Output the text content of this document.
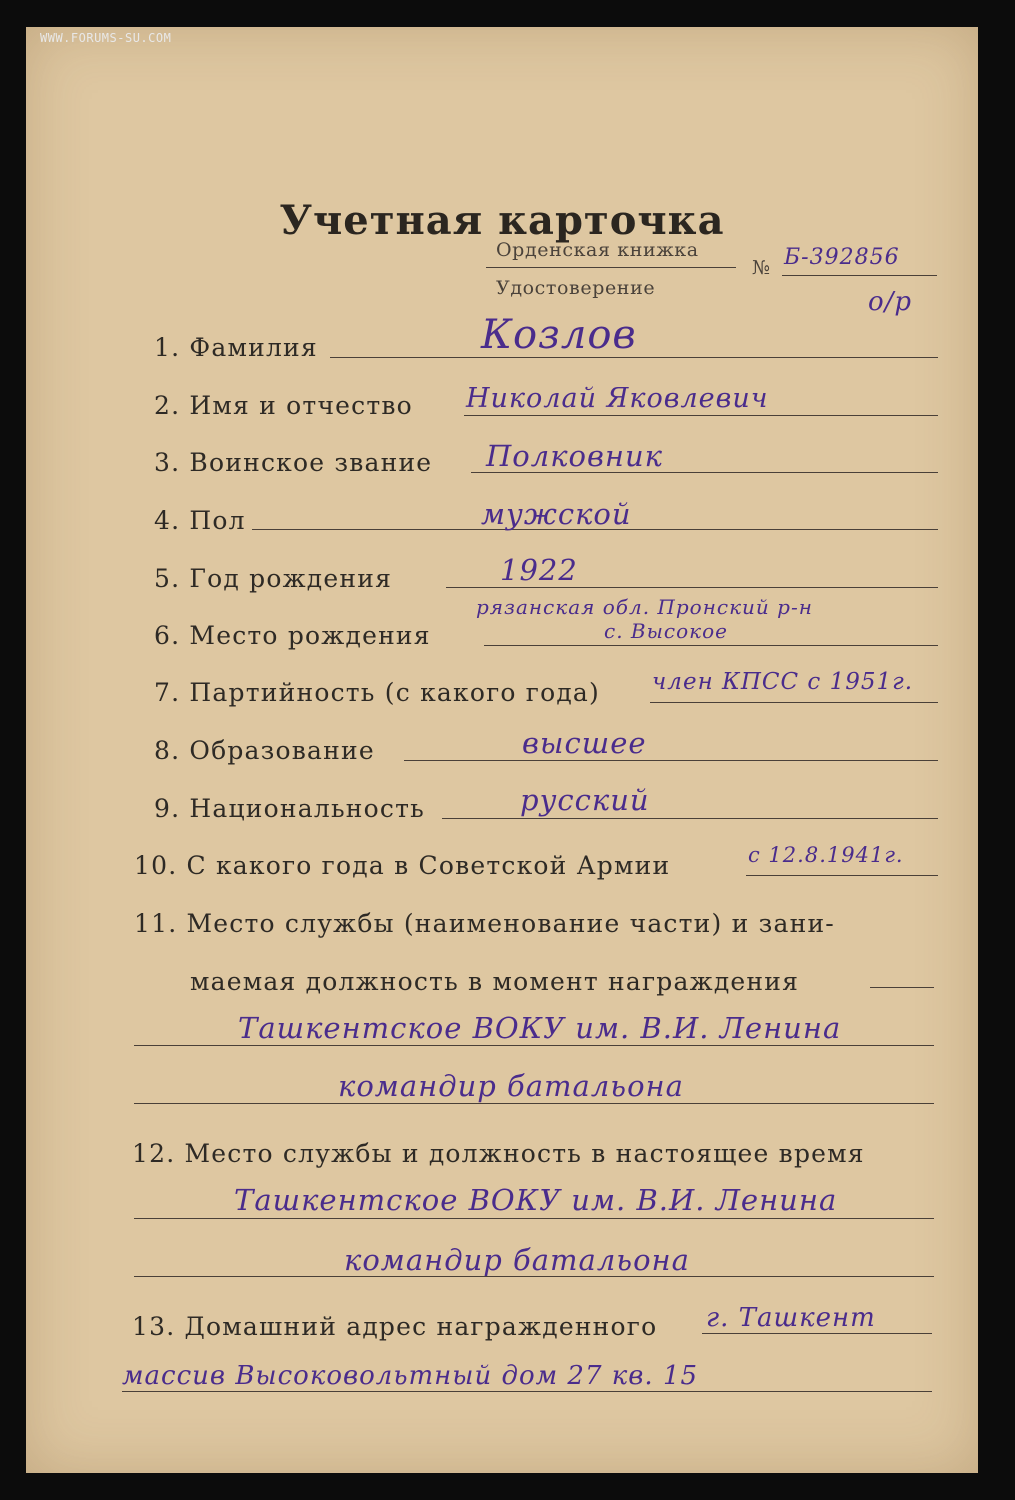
WWW.FORUMS-SU.COM
Учетная карточка
Орденская книжка
Удостоверение
№ Б-392856
о/р
1. Фамилия	Козлов
2. Имя и отчество Николай Яковлевич
3. Воинское звание Полковник
4. Пол	мужской
5. Год рождения	1922
6. Место рождения
рязанская обл. Пронский р-н
с. Высокое
7. Партийность (с какого года) член КПСС с 1951г.
8. Образование	высшее
9. Национальность	русский
10. С какого года в Советской Армии	с 12.8.1941г.
11. Место службы (наименование части) и зани-
маемая должность в момент награждения
Ташкентское ВОКУ им. В.И. Ленина
командир батальона
12. Место службы и должность в настоящее время
Ташкентское ВОКУ им. В.И. Ленина
командир батальона
13. Домашний адрес награжденного г. Ташкент
массив Высоковольтный дом 27 кв. 15
